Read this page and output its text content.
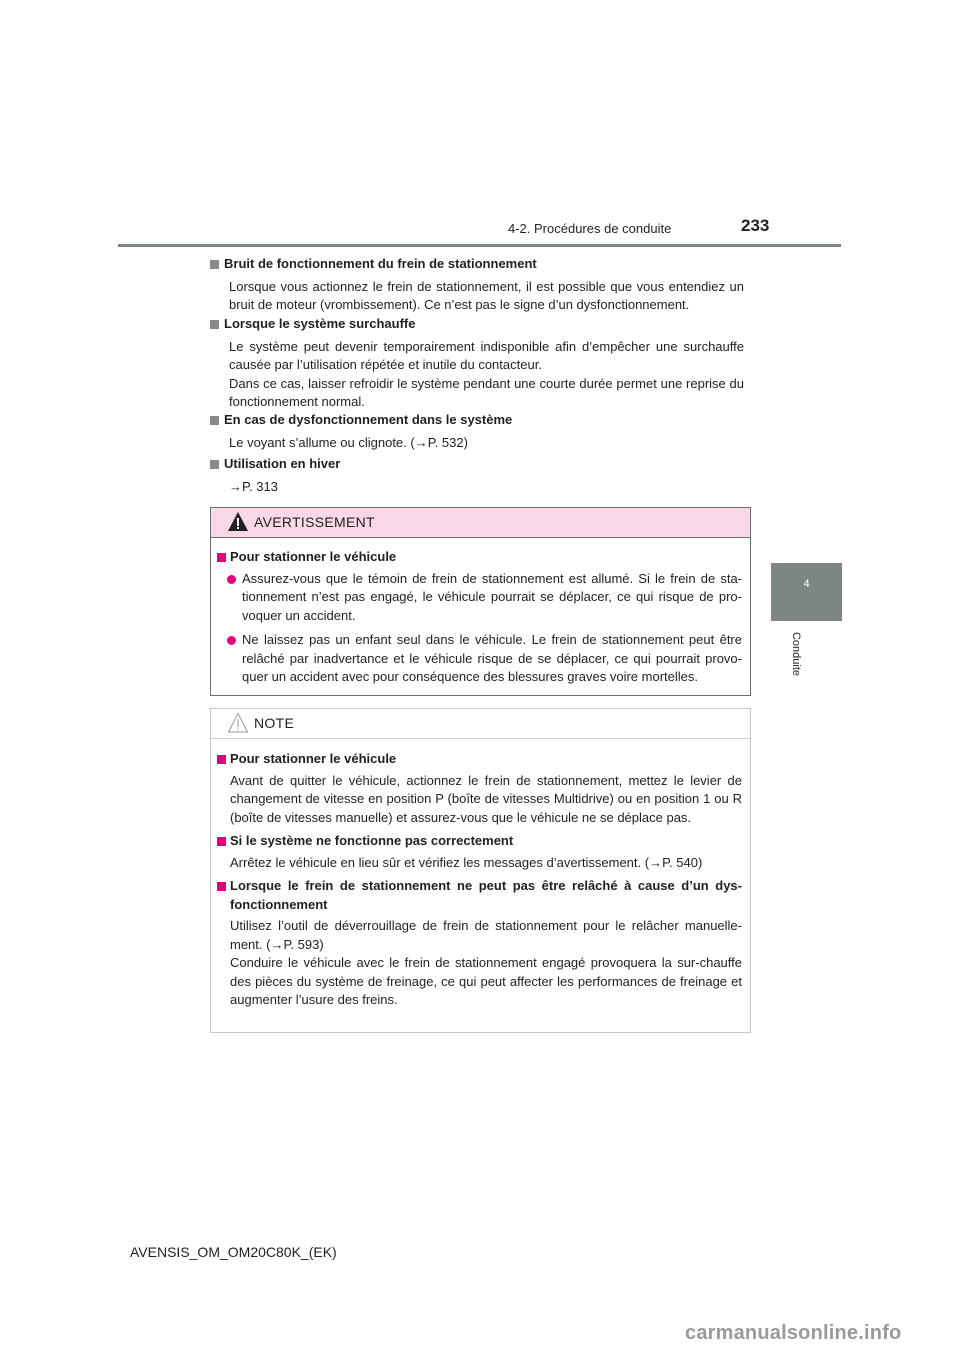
4-2. Procédures de conduite	233
4
Conduite
Bruit de fonctionnement du frein de stationnement
Lorsque vous actionnez le frein de stationnement, il est possible que vous entendiez un bruit de moteur (vrombissement). Ce n’est pas le signe d’un dysfonctionnement.
Lorsque le système surchauffe
Le système peut devenir temporairement indisponible afin d’empêcher une surchauffe causée par l’utilisation répétée et inutile du contacteur.
Dans ce cas, laisser refroidir le système pendant une courte durée permet une reprise du fonctionnement normal.
En cas de dysfonctionnement dans le système
Le voyant s’allume ou clignote. (→P. 532)
Utilisation en hiver
→P. 313
AVERTISSEMENT
Pour stationner le véhicule
Assurez-vous que le témoin de frein de stationnement est allumé. Si le frein de sta-tionnement n’est pas engagé, le véhicule pourrait se déplacer, ce qui risque de pro-voquer un accident.
Ne laissez pas un enfant seul dans le véhicule. Le frein de stationnement peut être relâché par inadvertance et le véhicule risque de se déplacer, ce qui pourrait provo-quer un accident avec pour conséquence des blessures graves voire mortelles.
NOTE
Pour stationner le véhicule
Avant de quitter le véhicule, actionnez le frein de stationnement, mettez le levier de changement de vitesse en position P (boîte de vitesses Multidrive) ou en position 1 ou R (boîte de vitesses manuelle) et assurez-vous que le véhicule ne se déplace pas.
Si le système ne fonctionne pas correctement
Arrêtez le véhicule en lieu sûr et vérifiez les messages d’avertissement. (→P. 540)
Lorsque le frein de stationnement ne peut pas être relâché à cause d’un dys-fonctionnement
Utilisez l’outil de déverrouillage de frein de stationnement pour le relâcher manuelle-ment. (→P. 593)
Conduire le véhicule avec le frein de stationnement engagé provoquera la sur-chauffe des pièces du système de freinage, ce qui peut affecter les performances de freinage et augmenter l’usure des freins.
AVENSIS_OM_OM20C80K_(EK)
carmanualsonline.info
